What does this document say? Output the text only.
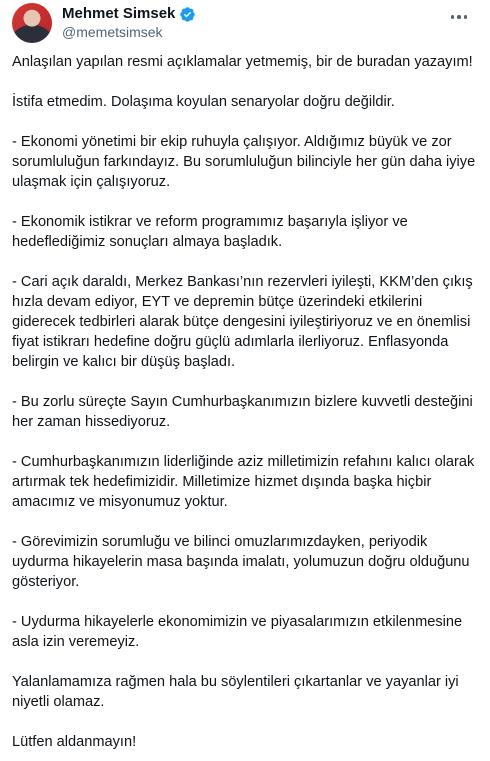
Mehmet Simsek
@memetsimsek

Anlaşılan yapılan resmi açıklamalar yetmemiş, bir de buradan yazayım!

İstifa etmedim. Dolaşıma koyulan senaryolar doğru değildir.

- Ekonomi yönetimi bir ekip ruhuyla çalışıyor. Aldığımız büyük ve zor
sorumluluğun farkındayız. Bu sorumluluğun bilinciyle her gün daha iyiye
ulaşmak için çalışıyoruz.

- Ekonomik istikrar ve reform programımız başarıyla işliyor ve
hedeflediğimiz sonuçları almaya başladık.

- Cari açık daraldı, Merkez Bankası’nın rezervleri iyileşti, KKM’den çıkış
hızla devam ediyor, EYT ve depremin bütçe üzerindeki etkilerini
giderecek tedbirleri alarak bütçe dengesini iyileştiriyoruz ve en önemlisi
fiyat istikrarı hedefine doğru güçlü adımlarla ilerliyoruz. Enflasyonda
belirgin ve kalıcı bir düşüş başladı.

- Bu zorlu süreçte Sayın Cumhurbaşkanımızın bizlere kuvvetli desteğini
her zaman hissediyoruz.

- Cumhurbaşkanımızın liderliğinde aziz milletimizin refahını kalıcı olarak
artırmak tek hedefimizidir. Milletimize hizmet dışında başka hiçbir
amacımız ve misyonumuz yoktur.

- Görevimizin sorumluğu ve bilinci omuzlarımızdayken, periyodik
uydurma hikayelerin masa başında imalatı, yolumuzun doğru olduğunu
gösteriyor.

- Uydurma hikayelerle ekonomimizin ve piyasalarımızın etkilenmesine
asla izin veremeyiz.

Yalanlamamıza rağmen hala bu söylentileri çıkartanlar ve yayanlar iyi
niyetli olamaz.

Lütfen aldanmayın!
